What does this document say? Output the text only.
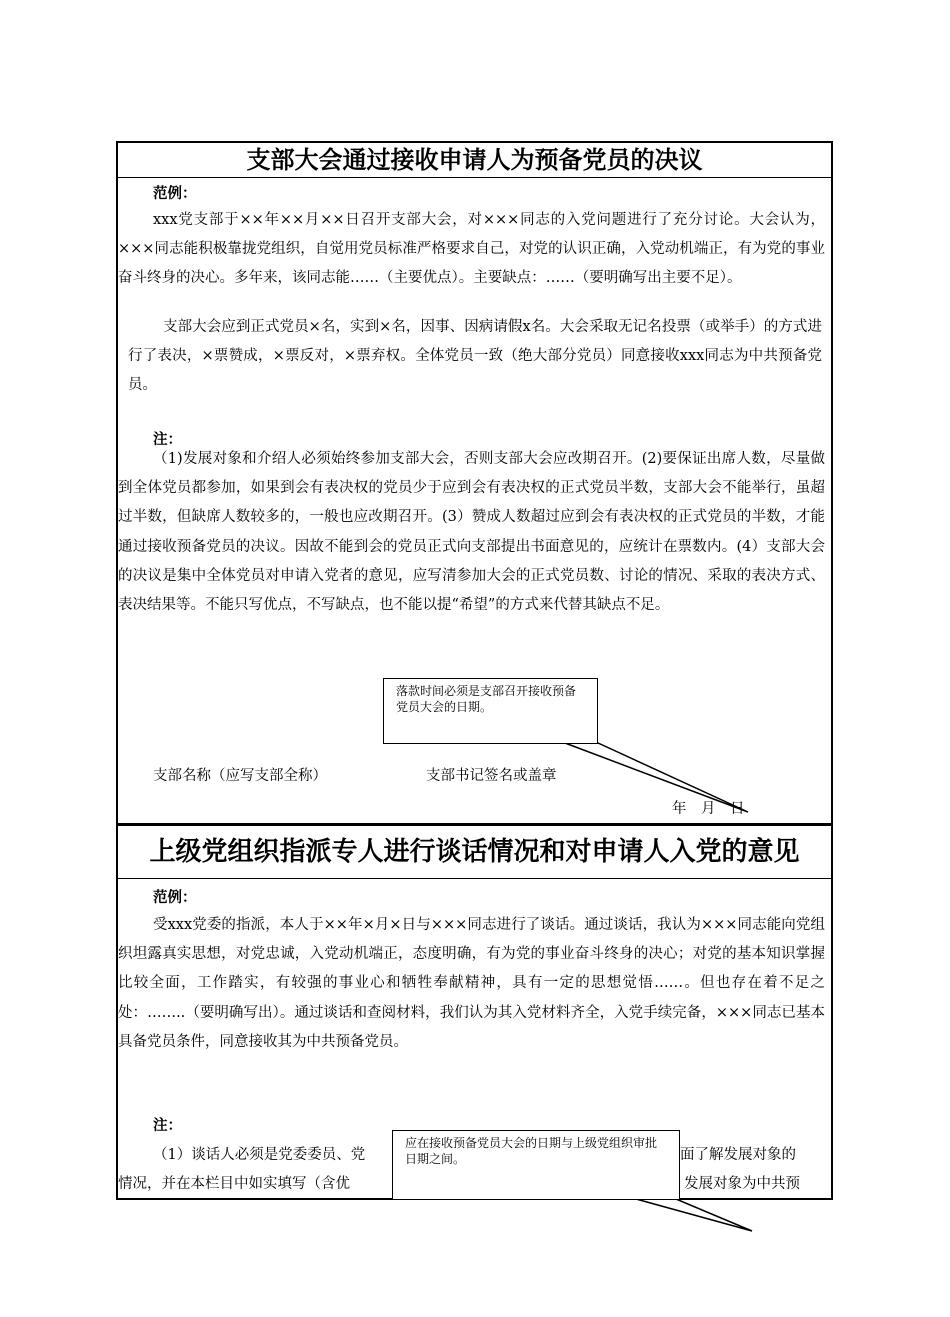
支部大会通过接收申请人为预备党员的决议
上级党组织指派专人进行谈话情况和对申请人入党的意见

范例：

xxx党支部于××年××月××日召开支部大会，对×××同志的入党问题进行了充分讨论。大会认为，×××同志能积极靠拢党组织，自觉用党员标准严格要求自己，对党的认识正确，入党动机端正，有为党的事业奋斗终身的决心。多年来，该同志能……（主要优点）。主要缺点：……（要明确写出主要不足）。

支部大会应到正式党员×名，实到×名，因事、因病请假x名。大会采取无记名投票（或举手）的方式进行了表决，×票赞成，×票反对，×票弃权。全体党员一致（绝大部分党员）同意接收xxx同志为中共预备党员。

注：

（1)发展对象和介绍人必须始终参加支部大会，否则支部大会应改期召开。(2)要保证出席人数，尽量做到全体党员都参加，如果到会有表决权的党员少于应到会有表决权的正式党员半数，支部大会不能举行，虽超过半数，但缺席人数较多的，一般也应改期召开。(3）赞成人数超过应到会有表决权的正式党员的半数，才能通过接收预备党员的决议。因故不能到会的党员正式向支部提出书面意见的，应统计在票数内。(4）支部大会的决议是集中全体党员对申请入党者的意见，应写清参加大会的正式党员数、讨论的情况、采取的表决方式、表决结果等。不能只写优点，不写缺点，也不能以提“希望”的方式来代替其缺点不足。

支部名称（应写支部全称）	支部书记签名或盖章

年　月　日

范例：

受xxx党委的指派，本人于××年×月×日与×××同志进行了谈话。通过谈话，我认为×××同志能向党组织坦露真实思想，对党忠诚，入党动机端正，态度明确，有为党的事业奋斗终身的决心；对党的基本知识掌握比较全面，工作踏实，有较强的事业心和牺牲奉献精神，具有一定的思想觉悟……。但也存在着不足之处：……..（要明确写出）。通过谈话和查阅材料，我们认为其入党材料齐全，入党手续完备，×××同志已基本具备党员条件，同意接收其为中共预备党员。

注：

（1）谈话人必须是党委委员、党	面了解发展对象的

情况，并在本栏目中如实填写（含优	发展对象为中共预

落款时间必须是支部召开接收预备党员大会的日期。
应在接收预备党员大会的日期与上级党组织审批日期之间。
